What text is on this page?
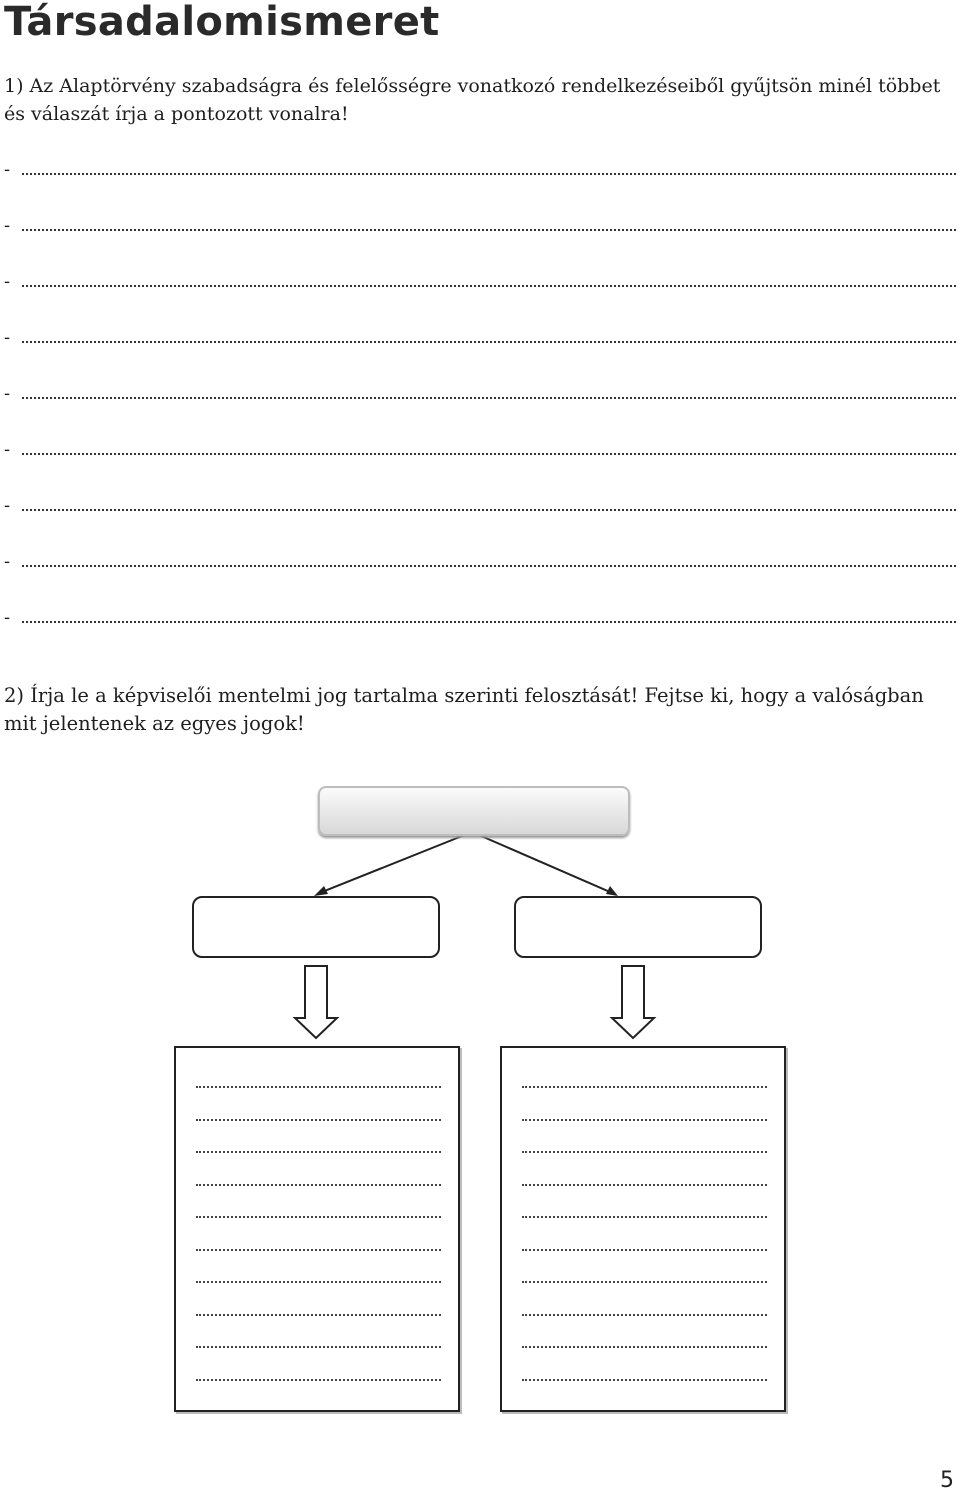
Társadalomismeret

1) Az Alaptörvény szabadságra és felelősségre vonatkozó rendelkezéseiből gyűjtsön minél többet és válaszát írja a pontozott vonalra!

-
-
-
-
-
-
-
-
-

2) Írja le a képviselői mentelmi jog tartalma szerinti felosztását! Fejtse ki, hogy a valóságban mit jelentenek az egyes jogok!

5
